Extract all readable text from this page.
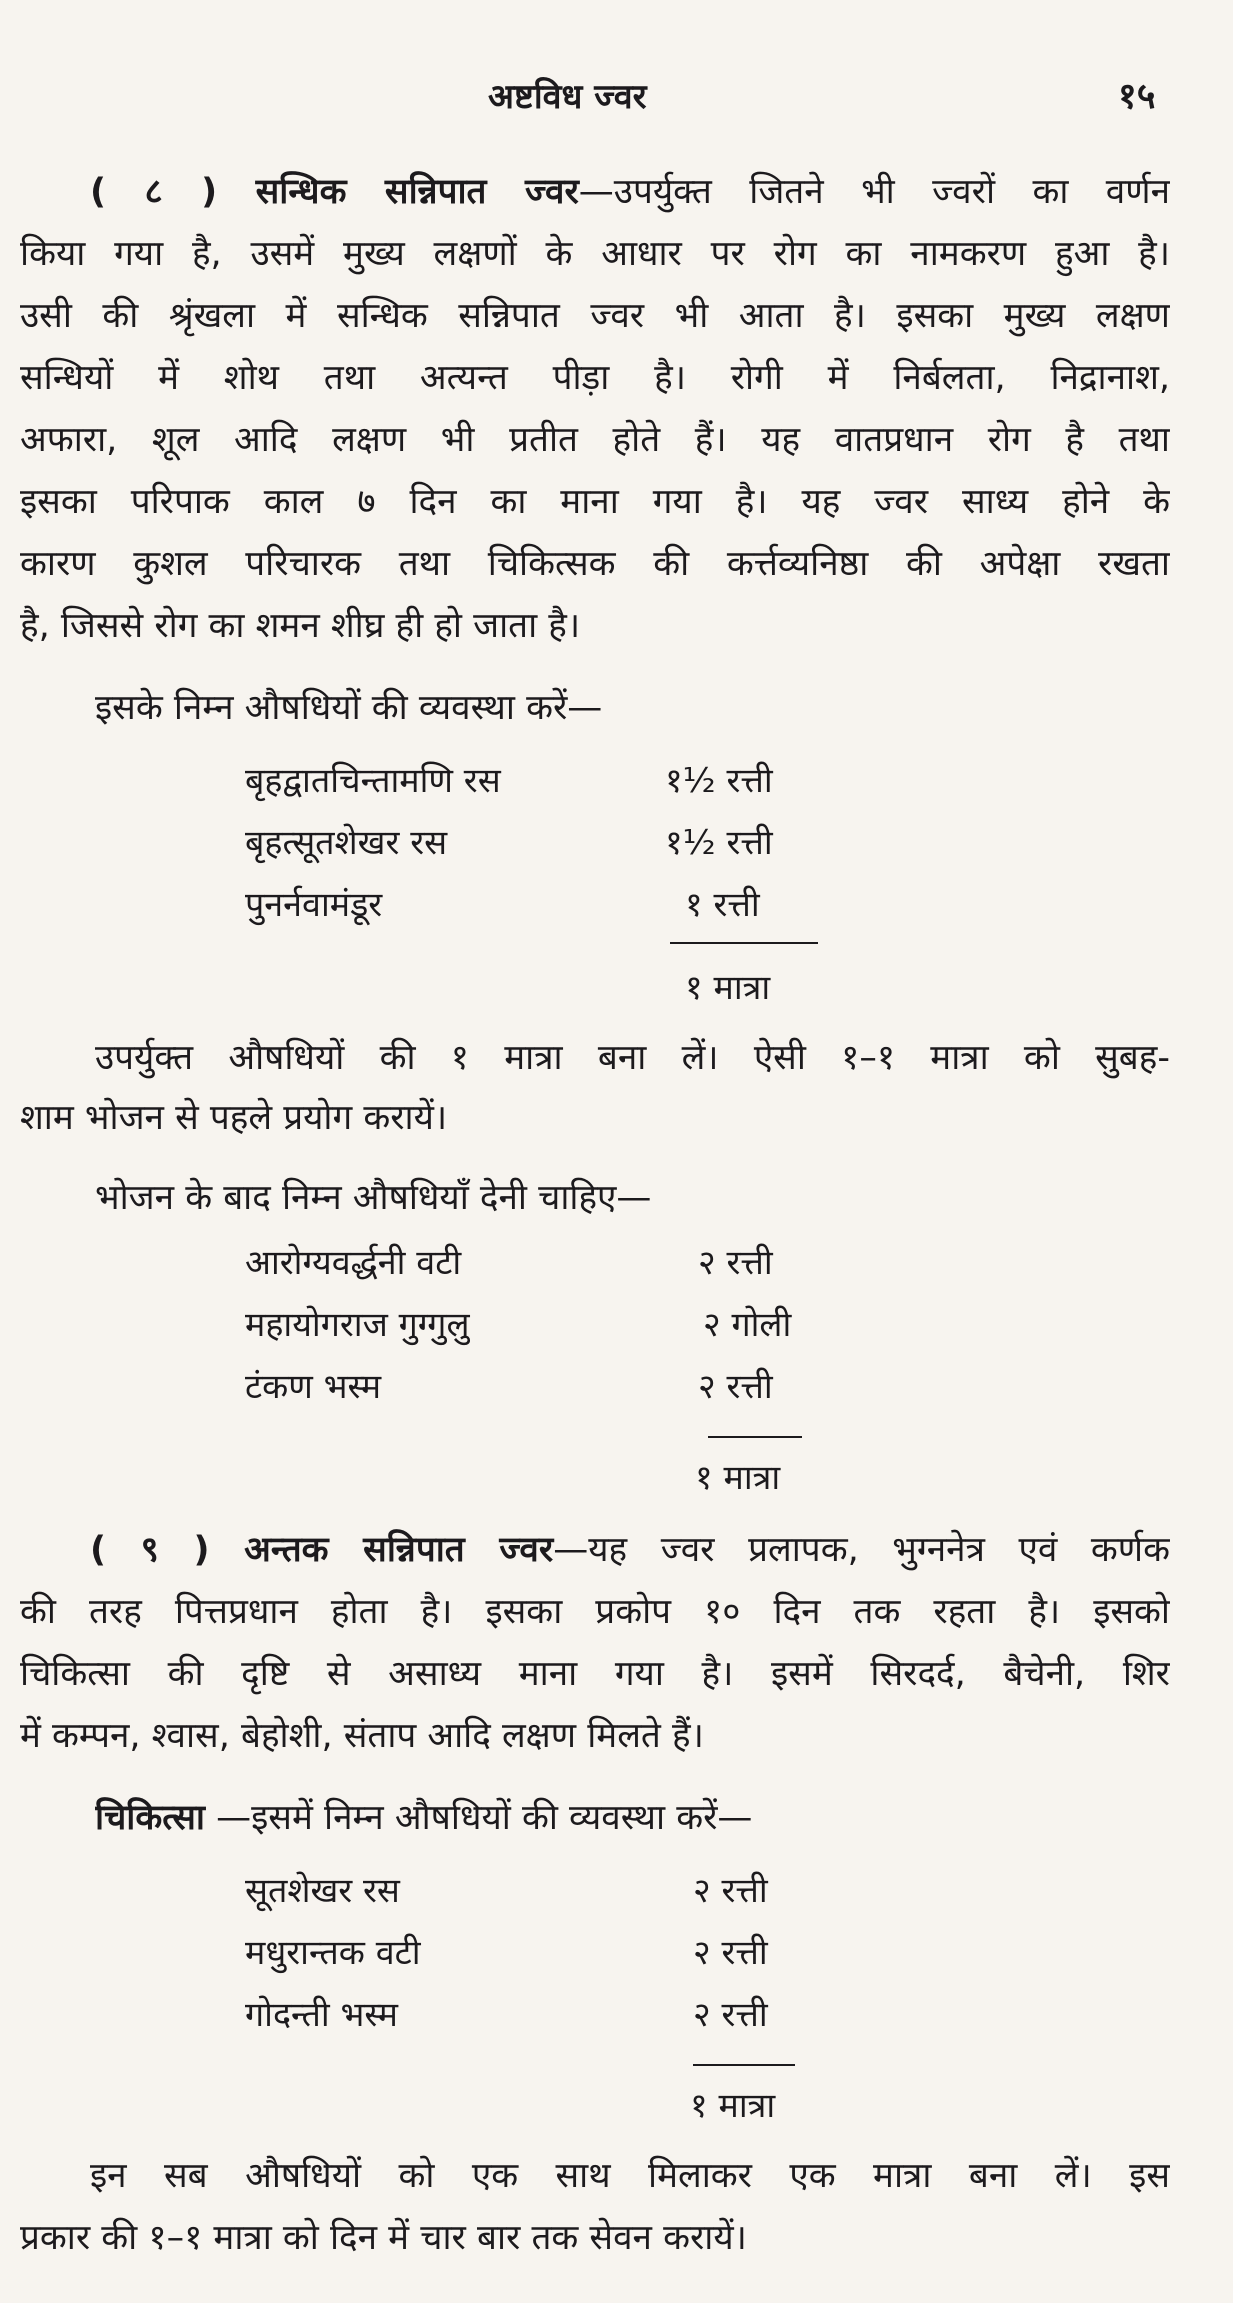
अष्टविध ज्वर	१५
( ८ ) सन्धिक सन्निपात ज्वर—उपर्युक्त जितने भी ज्वरों का वर्णन
किया गया है, उसमें मुख्य लक्षणों के आधार पर रोग का नामकरण हुआ है।
उसी की श्रृंखला में सन्धिक सन्निपात ज्वर भी आता है। इसका मुख्य लक्षण
सन्धियों में शोथ तथा अत्यन्त पीड़ा है। रोगी में निर्बलता, निद्रानाश,
अफारा, शूल आदि लक्षण भी प्रतीत होते हैं। यह वातप्रधान रोग है तथा
इसका परिपाक काल ७ दिन का माना गया है। यह ज्वर साध्य होने के
कारण कुशल परिचारक तथा चिकित्सक की कर्त्तव्यनिष्ठा की अपेक्षा रखता
है, जिससे रोग का शमन शीघ्र ही हो जाता है।
इसके निम्न औषधियों की व्यवस्था करें—
बृहद्वातचिन्तामणि रस	१½ रत्ती
बृहत्सूतशेखर रस	१½ रत्ती
पुनर्नवामंडूर	१ रत्ती
१ मात्रा
उपर्युक्त औषधियों की १ मात्रा बना लें। ऐसी १–१ मात्रा को सुबह-
शाम भोजन से पहले प्रयोग करायें।
भोजन के बाद निम्न औषधियाँ देनी चाहिए—
आरोग्यवर्द्धनी वटी	२ रत्ती
महायोगराज गुग्गुलु	२ गोली
टंकण भस्म	२ रत्ती
१ मात्रा
( ९ ) अन्तक सन्निपात ज्वर—यह ज्वर प्रलापक, भुग्ननेत्र एवं कर्णक
की तरह पित्तप्रधान होता है। इसका प्रकोप १० दिन तक रहता है। इसको
चिकित्सा की दृष्टि से असाध्य माना गया है। इसमें सिरदर्द, बैचेनी, शिर
में कम्पन, श्वास, बेहोशी, संताप आदि लक्षण मिलते हैं।
चिकित्सा —इसमें निम्न औषधियों की व्यवस्था करें—
सूतशेखर रस	२ रत्ती
मधुरान्तक वटी	२ रत्ती
गोदन्ती भस्म	२ रत्ती
१ मात्रा
इन सब औषधियों को एक साथ मिलाकर एक मात्रा बना लें। इस
प्रकार की १–१ मात्रा को दिन में चार बार तक सेवन करायें।
